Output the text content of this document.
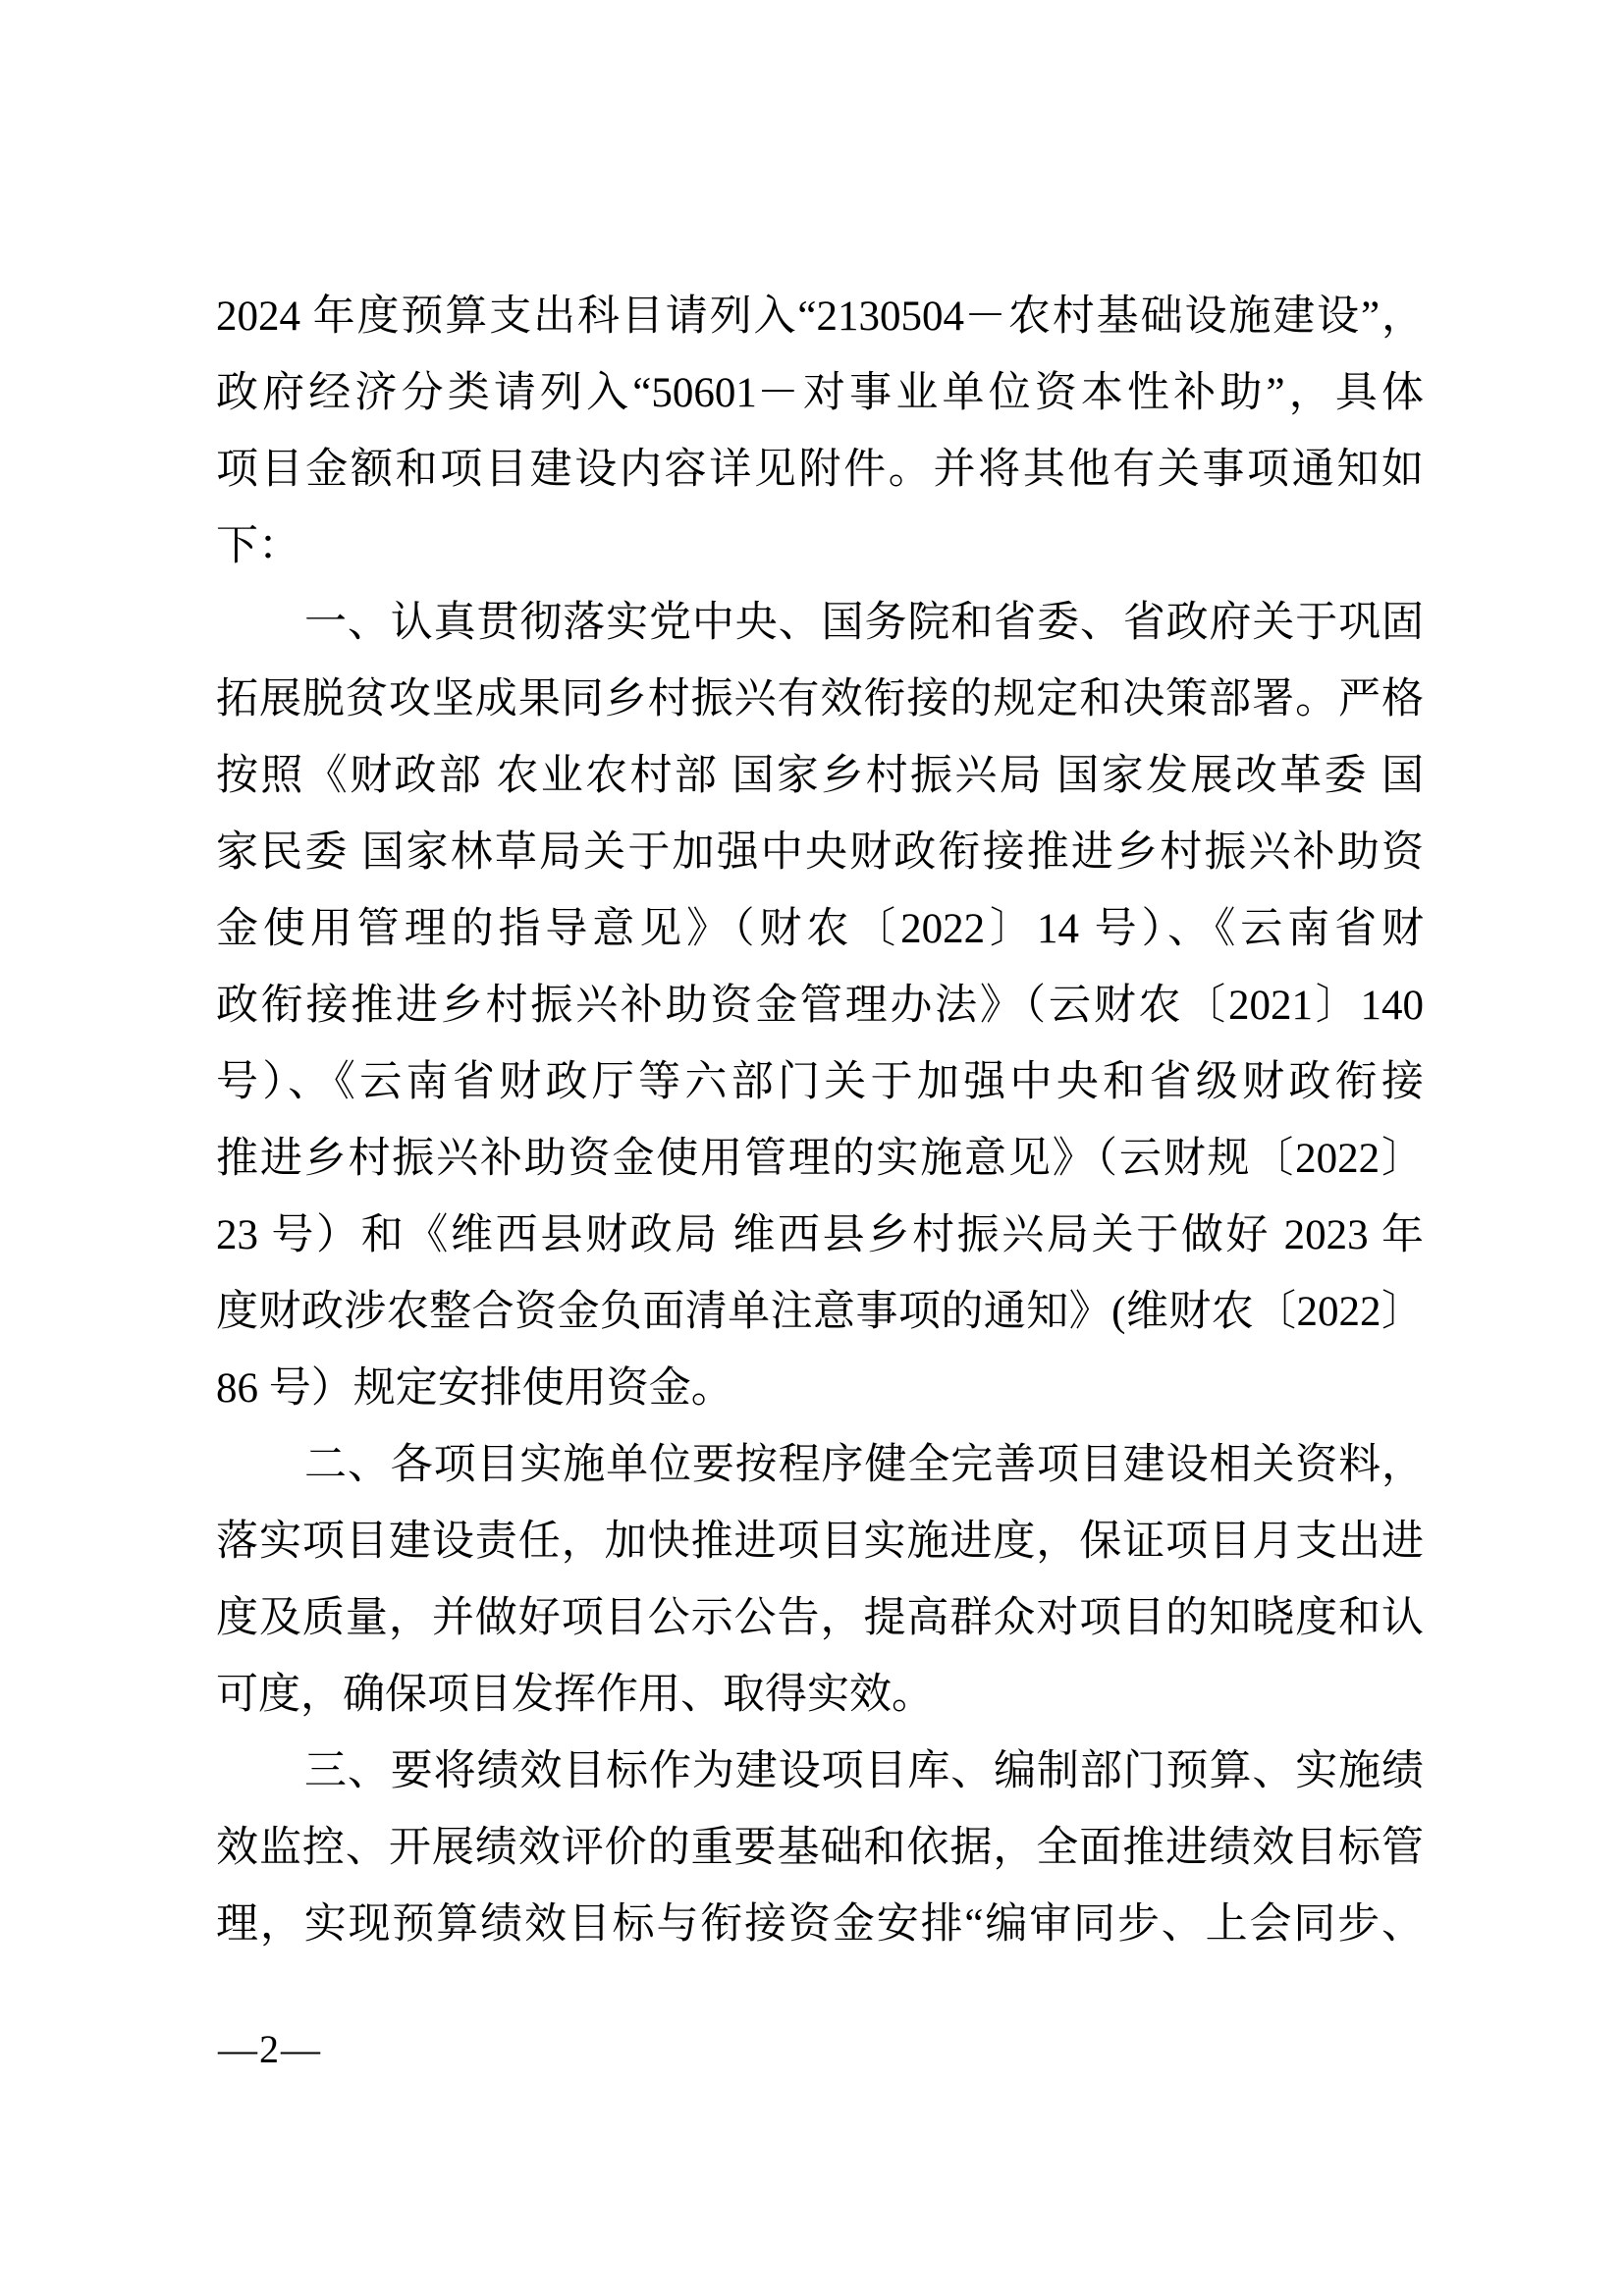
2024 年度预算支出科目请列入“2130504－农村基础设施建设”，
政府经济分类请列入“50601－对事业单位资本性补助”，具体
项目金额和项目建设内容详见附件。并将其他有关事项通知如
下：
一、认真贯彻落实党中央、国务院和省委、省政府关于巩固
拓展脱贫攻坚成果同乡村振兴有效衔接的规定和决策部署。严格
按照《财政部 农业农村部 国家乡村振兴局 国家发展改革委 国
家民委 国家林草局关于加强中央财政衔接推进乡村振兴补助资
金使用管理的指导意见》（财农〔2022〕14 号）、《云南省财
政衔接推进乡村振兴补助资金管理办法》（云财农〔2021〕140
号）、《云南省财政厅等六部门关于加强中央和省级财政衔接
推进乡村振兴补助资金使用管理的实施意见》（云财规〔2022〕
23 号）和《维西县财政局 维西县乡村振兴局关于做好 2023 年
度财政涉农整合资金负面清单注意事项的通知》(维财农〔2022〕
86 号）规定安排使用资金。
二、各项目实施单位要按程序健全完善项目建设相关资料，
落实项目建设责任，加快推进项目实施进度，保证项目月支出进
度及质量，并做好项目公示公告，提高群众对项目的知晓度和认
可度，确保项目发挥作用、取得实效。
三、要将绩效目标作为建设项目库、编制部门预算、实施绩
效监控、开展绩效评价的重要基础和依据，全面推进绩效目标管
理，实现预算绩效目标与衔接资金安排“编审同步、上会同步、
—2—
